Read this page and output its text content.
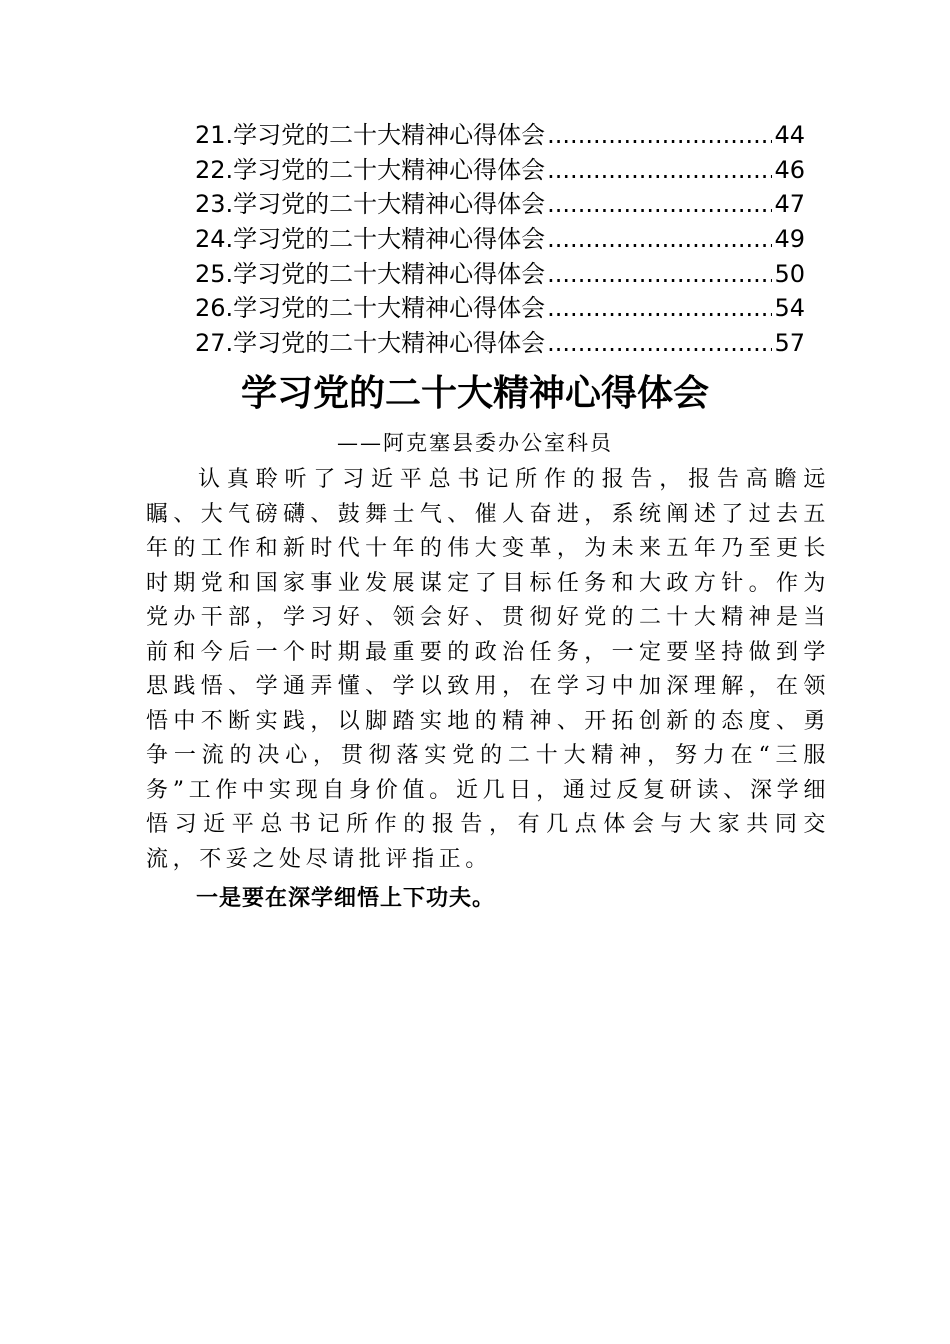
21.学习党的二十大精神心得体会 .....	44
22.学习党的二十大精神心得体会 .....	46
23.学习党的二十大精神心得体会 .....	47
24.学习党的二十大精神心得体会 .....	49
25.学习党的二十大精神心得体会 .....	50
26.学习党的二十大精神心得体会 .....	54
27.学习党的二十大精神心得体会 .....	57
学习党的二十大精神心得体会
——阿克塞县委办公室科员

认真聆听了习近平总书记所作的报告，报告高瞻远瞩、大气磅礴、鼓舞士气、催人奋进，系统阐述了过去五年的工作和新时代十年的伟大变革，为未来五年乃至更长时期党和国家事业发展谋定了目标任务和大政方针。作为党办干部，学习好、领会好、贯彻好党的二十大精神是当前和今后一个时期最重要的政治任务，一定要坚持做到学思践悟、学通弄懂、学以致用，在学习中加深理解，在领悟中不断实践，以脚踏实地的精神、开拓创新的态度、勇争一流的决心，贯彻落实党的二十大精神，努力在“三服务”工作中实现自身价值。近几日，通过反复研读、深学细悟习近平总书记所作的报告，有几点体会与大家共同交流，不妥之处尽请批评指正。

一是要在深学细悟上下功夫。
